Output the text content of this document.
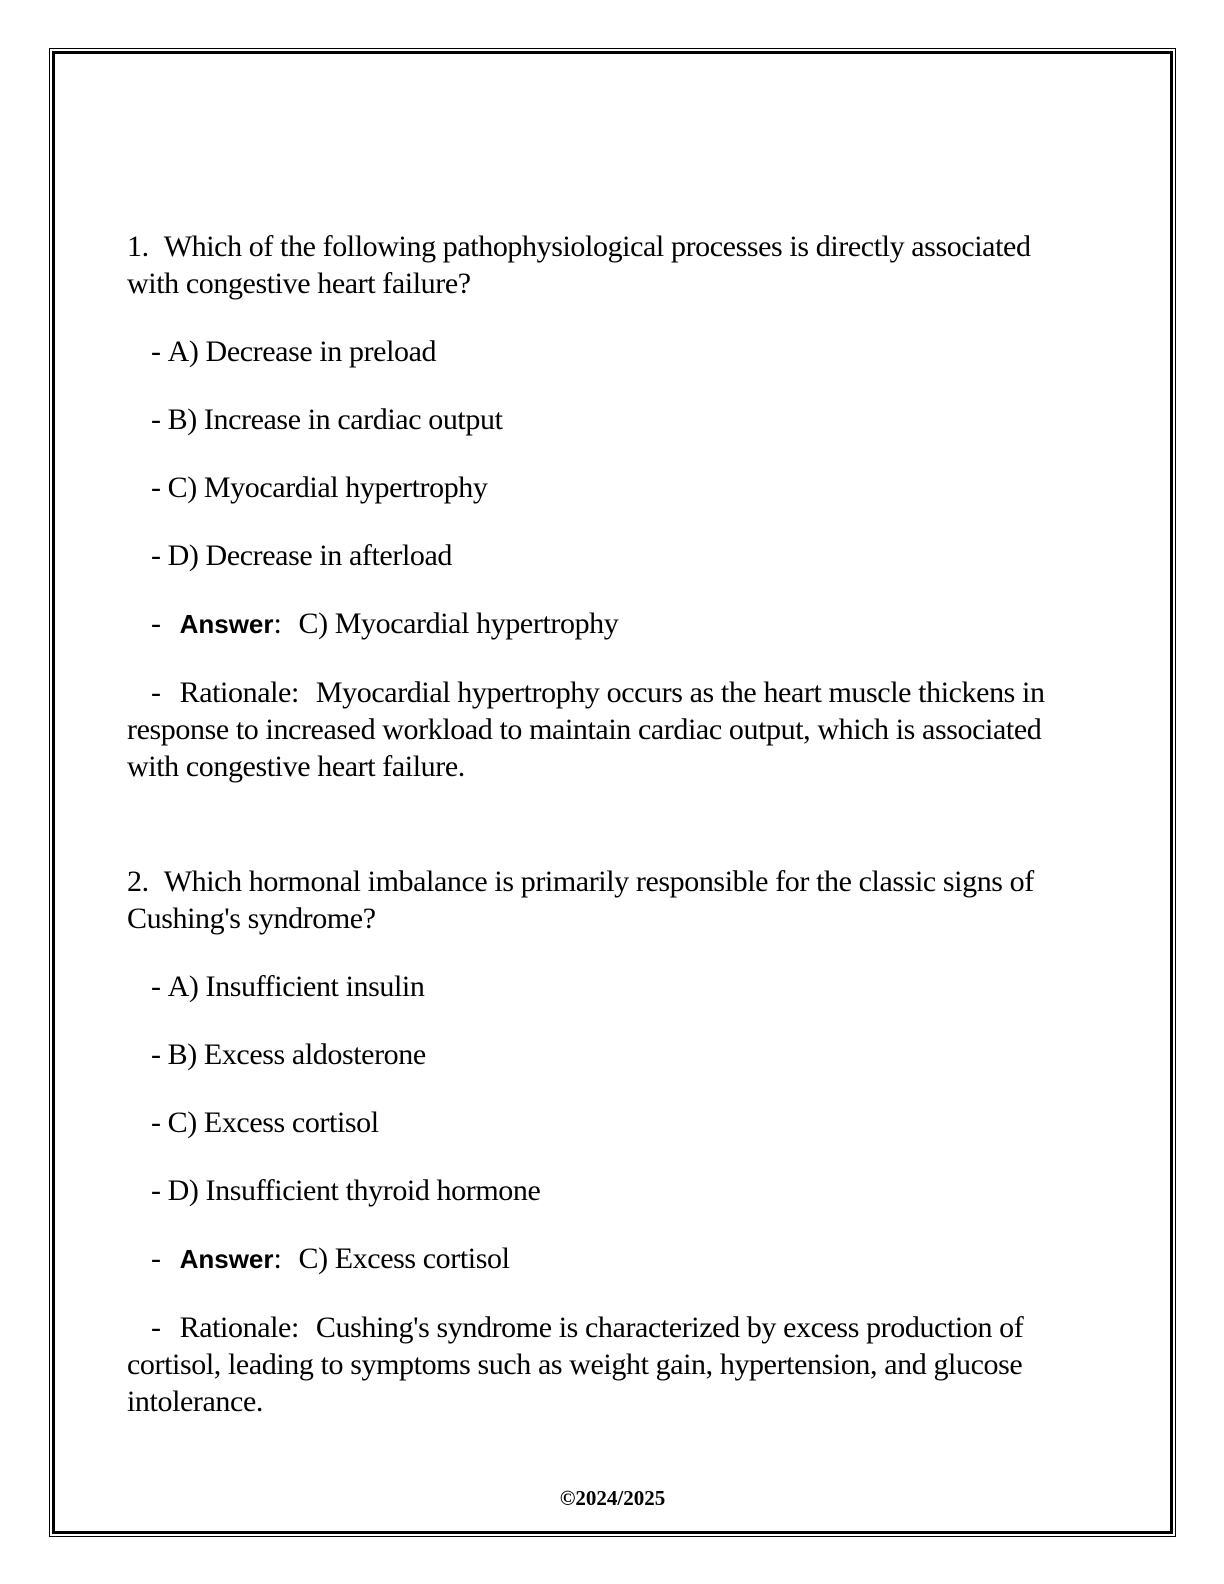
1. Which of the following pathophysiological processes is directly associated with congestive heart failure?

- A) Decrease in preload

- B) Increase in cardiac output

- C) Myocardial hypertrophy

- D) Decrease in afterload

- Answer: C) Myocardial hypertrophy

- Rationale: Myocardial hypertrophy occurs as the heart muscle thickens in response to increased workload to maintain cardiac output, which is associated with congestive heart failure.

2. Which hormonal imbalance is primarily responsible for the classic signs of Cushing's syndrome?

- A) Insufficient insulin

- B) Excess aldosterone

- C) Excess cortisol

- D) Insufficient thyroid hormone

- Answer: C) Excess cortisol

- Rationale: Cushing's syndrome is characterized by excess production of cortisol, leading to symptoms such as weight gain, hypertension, and glucose intolerance.

©2024/2025
